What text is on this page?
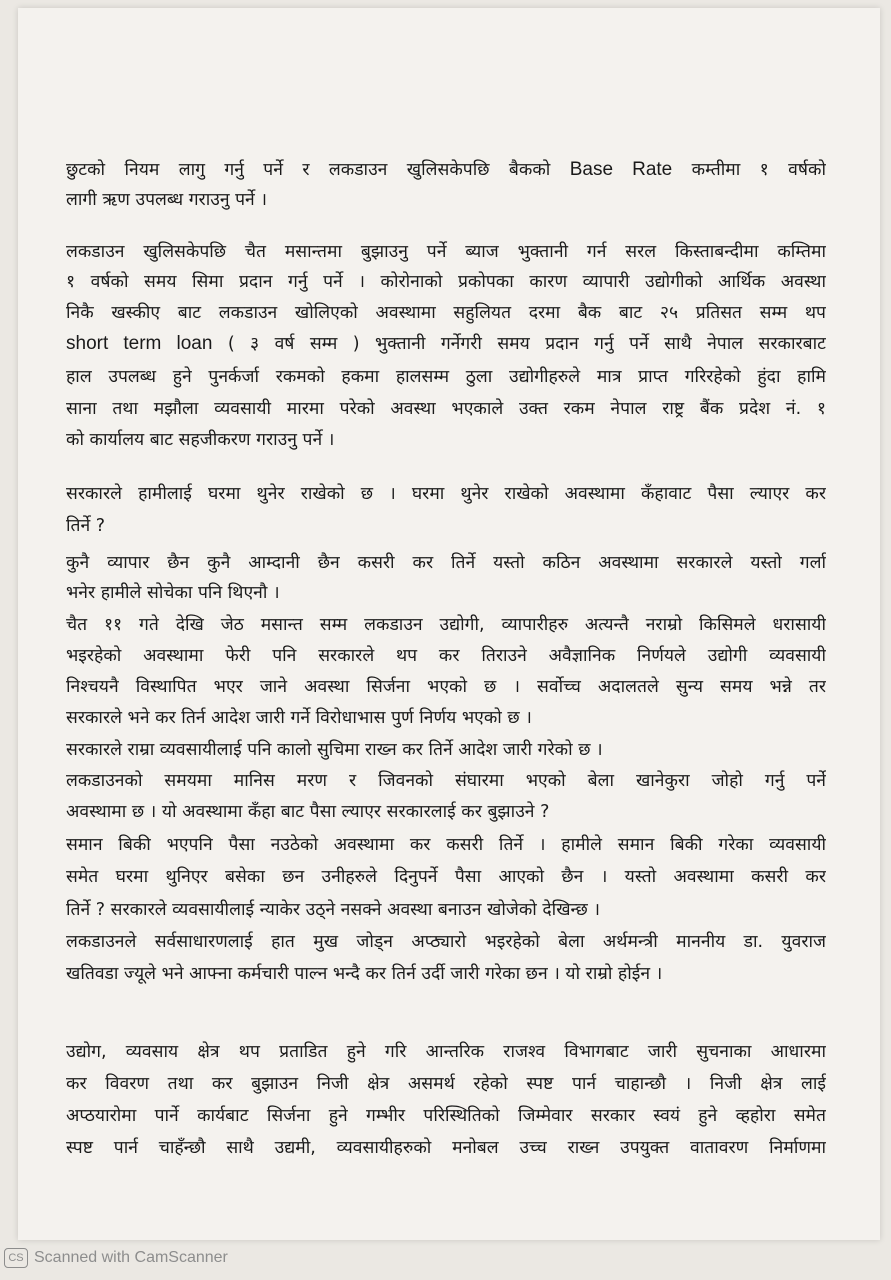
छुटको नियम लागु गर्नु पर्ने र लकडाउन खुलिसकेपछि बैकको Base Rate कम्तीमा १ वर्षको
लागी ऋण उपलब्ध गराउनु पर्ने ।
लकडाउन खुलिसकेपछि चैत मसान्तमा बुझाउनु पर्ने ब्याज भुक्तानी गर्न सरल किस्ताबन्दीमा कम्तिमा
१ वर्षको समय सिमा प्रदान गर्नु पर्ने । कोरोनाको प्रकोपका कारण व्यापारी उद्योगीको आर्थिक अवस्था
निकै खस्कीए बाट लकडाउन खोलिएको अवस्थामा सहुलियत दरमा बैक बाट २५ प्रतिसत सम्म थप
short term loan ( ३ वर्ष सम्म ) भुक्तानी गर्नेगरी समय प्रदान गर्नु पर्ने साथै नेपाल सरकारबाट
हाल उपलब्ध हुने पुनर्कर्जा रकमको हकमा हालसम्म ठुला उद्योगीहरुले मात्र प्राप्त गरिरहेको हुंदा हामि
साना तथा मझौला व्यवसायी मारमा परेको अवस्था भएकाले उक्त रकम नेपाल राष्ट्र बैंक प्रदेश नं. १
को कार्यालय बाट सहजीकरण गराउनु पर्ने ।
सरकारले हामीलाई घरमा थुनेर राखेको छ । घरमा थुनेर राखेको अवस्थामा कँहावाट पैसा ल्याएर कर
तिर्ने ?
कुनै व्यापार छैन कुनै आम्दानी छैन कसरी कर तिर्ने यस्तो कठिन अवस्थामा सरकारले यस्तो गर्ला
भनेर हामीले सोचेका पनि थिएनौ ।
चैत ११ गते देखि जेठ मसान्त सम्म लकडाउन उद्योगी, व्यापारीहरु अत्यन्तै नराम्रो किसिमले धरासायी
भइरहेको अवस्थामा फेरी पनि सरकारले थप कर तिराउने अवैज्ञानिक निर्णयले उद्योगी व्यवसायी
निश्चयनै विस्थापित भएर जाने अवस्था सिर्जना भएको छ । सर्वोच्च अदालतले सुन्य समय भन्ने तर
सरकारले भने कर तिर्न आदेश जारी गर्ने विरोधाभास पुर्ण निर्णय भएको छ ।
सरकारले राम्रा व्यवसायीलाई पनि कालो सुचिमा राख्न कर तिर्ने आदेश जारी गरेको छ ।
लकडाउनको समयमा मानिस मरण र जिवनको संघारमा भएको बेला खानेकुरा जोहो गर्नु पर्ने
अवस्थामा छ । यो अवस्थामा कँहा बाट पैसा ल्याएर सरकारलाई कर बुझाउने ?
समान बिकी भएपनि पैसा नउठेको अवस्थामा कर कसरी तिर्ने । हामीले समान बिकी गरेका व्यवसायी
समेत घरमा थुनिएर बसेका छन उनीहरुले दिनुपर्ने पैसा आएको छैन । यस्तो अवस्थामा कसरी कर
तिर्ने ? सरकारले व्यवसायीलाई न्याकेर उठ्ने नसक्ने अवस्था बनाउन खोजेको देखिन्छ ।
लकडाउनले सर्वसाधारणलाई हात मुख जोड्न अप्ठ्यारो भइरहेको बेला अर्थमन्त्री माननीय डा. युवराज
खतिवडा ज्यूले भने आफ्ना कर्मचारी पाल्न भन्दै कर तिर्न उर्दी जारी गरेका छन । यो राम्रो होईन ।
उद्योग, व्यवसाय क्षेत्र थप प्रताडित हुने गरि आन्तरिक राजश्व विभागबाट जारी सुचनाका आधारमा
कर विवरण तथा कर बुझाउन निजी क्षेत्र असमर्थ रहेको स्पष्ट पार्न चाहान्छौ । निजी क्षेत्र लाई
अप्ठयारोमा पार्ने कार्यबाट सिर्जना हुने गम्भीर परिस्थितिको जिम्मेवार सरकार स्वयं हुने व्हहोरा समेत
स्पष्ट पार्न चाहँन्छौ साथै उद्यमी, व्यवसायीहरुको मनोबल उच्च राख्न उपयुक्त वातावरण निर्माणमा
CS Scanned with CamScanner
